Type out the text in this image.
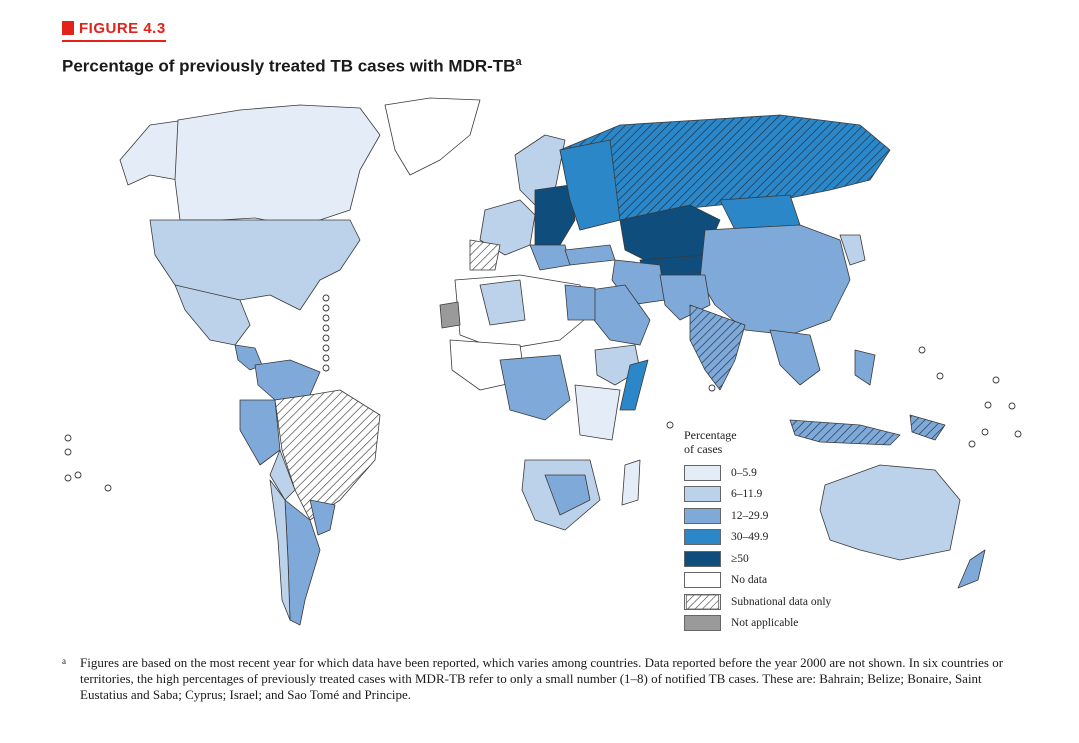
FIGURE 4.3
Percentage of previously treated TB cases with MDR-$TB^a$
Percentage
of cases
0–5.9
6–11.9
12–29.9
30–49.9
≥50
No data
Subnational data only
Not applicable
a	Figures are based on the most recent year for which data have been reported, which varies among countries. Data reported before the year 2000 are not shown. In six countries or territories, the high percentages of previously treated cases with MDR-TB refer to only a small number (1–8) of notified TB cases. These are: Bahrain; Belize; Bonaire, Saint Eustatius and Saba; Cyprus; Israel; and Sao Tomé and Principe.
